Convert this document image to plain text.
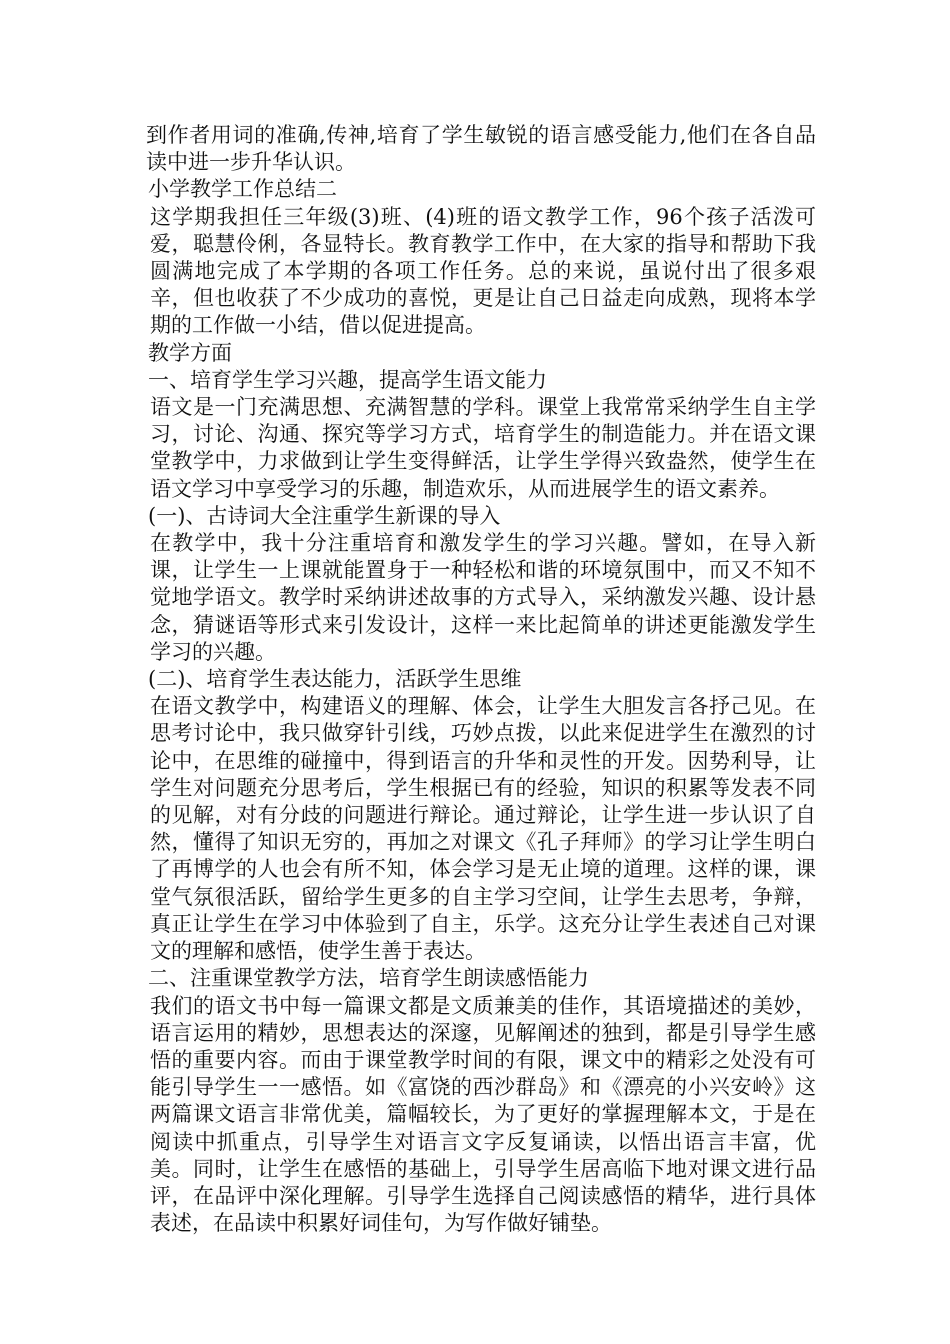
到作者用词的准确,传神,培育了学生敏锐的语言感受能力,他们在各自品读中进一步升华认识。

小学教学工作总结二

这学期我担任三年级(3)班、(4)班的语文教学工作，96个孩子活泼可爱，聪慧伶俐，各显特长。教育教学工作中，在大家的指导和帮助下我圆满地完成了本学期的各项工作任务。总的来说，虽说付出了很多艰辛，但也收获了不少成功的喜悦，更是让自己日益走向成熟，现将本学期的工作做一小结，借以促进提高。

教学方面

一、培育学生学习兴趣，提高学生语文能力

语文是一门充满思想、充满智慧的学科。课堂上我常常采纳学生自主学习，讨论、沟通、探究等学习方式，培育学生的制造能力。并在语文课堂教学中，力求做到让学生变得鲜活，让学生学得兴致盎然，使学生在语文学习中享受学习的乐趣，制造欢乐，从而进展学生的语文素养。

(一)、古诗词大全注重学生新课的导入

在教学中，我十分注重培育和激发学生的学习兴趣。譬如，在导入新课，让学生一上课就能置身于一种轻松和谐的环境氛围中，而又不知不觉地学语文。教学时采纳讲述故事的方式导入，采纳激发兴趣、设计悬念，猜谜语等形式来引发设计，这样一来比起简单的讲述更能激发学生学习的兴趣。

(二)、培育学生表达能力，活跃学生思维

在语文教学中，构建语义的理解、体会，让学生大胆发言各抒己见。在思考讨论中，我只做穿针引线，巧妙点拨，以此来促进学生在激烈的讨论中，在思维的碰撞中，得到语言的升华和灵性的开发。因势利导，让学生对问题充分思考后，学生根据已有的经验，知识的积累等发表不同的见解，对有分歧的问题进行辩论。通过辩论，让学生进一步认识了自然，懂得了知识无穷的，再加之对课文《孔子拜师》的学习让学生明白了再博学的人也会有所不知，体会学习是无止境的道理。这样的课，课堂气氛很活跃，留给学生更多的自主学习空间，让学生去思考，争辩，真正让学生在学习中体验到了自主，乐学。这充分让学生表述自己对课文的理解和感悟，使学生善于表达。

二、注重课堂教学方法，培育学生朗读感悟能力

我们的语文书中每一篇课文都是文质兼美的佳作，其语境描述的美妙，语言运用的精妙，思想表达的深邃，见解阐述的独到，都是引导学生感悟的重要内容。而由于课堂教学时间的有限，课文中的精彩之处没有可能引导学生一一感悟。如《富饶的西沙群岛》和《漂亮的小兴安岭》这两篇课文语言非常优美，篇幅较长，为了更好的掌握理解本文，于是在阅读中抓重点，引导学生对语言文字反复诵读，以悟出语言丰富，优美。同时，让学生在感悟的基础上，引导学生居高临下地对课文进行品评，在品评中深化理解。引导学生选择自己阅读感悟的精华，进行具体表述，在品读中积累好词佳句，为写作做好铺垫。
